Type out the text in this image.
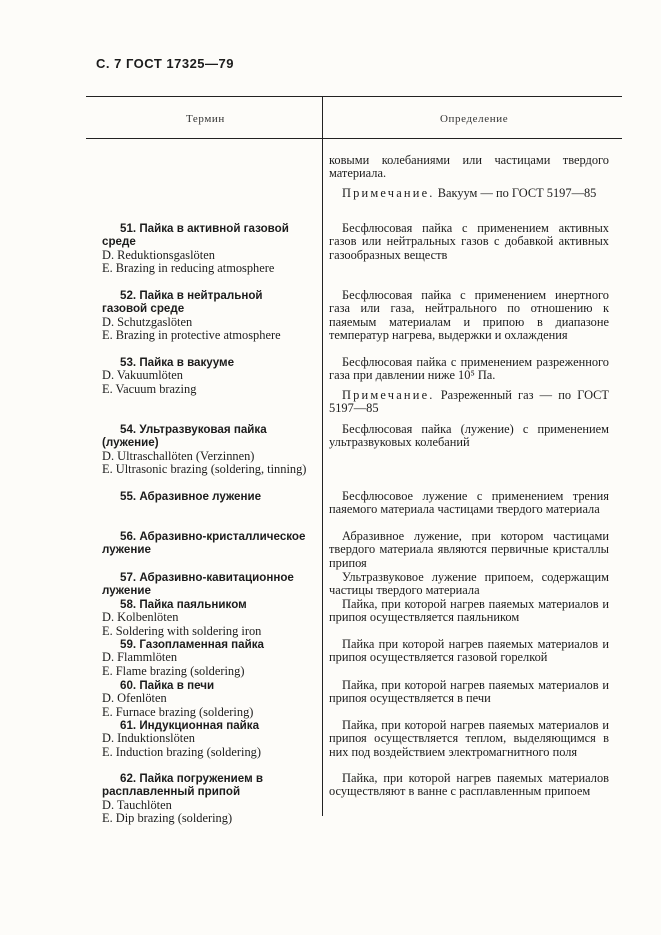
С. 7 ГОСТ 17325—79
Термин	Определение
ковыми колебаниями или частицами твердого материала.
Примечание. Вакуум — по ГОСТ 5197—85
Бесфлюсовая пайка с применением активных газов или нейтральных газов с добавкой активных газообразных веществ
Бесфлюсовая пайка с применением инертного газа или газа, нейтрального по отношению к паяемым материалам и припою в диапазоне температур нагрева, выдержки и охлаждения
Бесфлюсовая пайка с применением разреженного газа при давлении ниже 10⁵ Па.
Примечание. Разреженный газ — по ГОСТ 5197—85
Бесфлюсовая пайка (лужение) с применением ультразвуковых колебаний
Бесфлюсовое лужение с применением трения паяемого материала частицами твердого материала
Абразивное лужение, при котором частицами твердого материала являются первичные кристаллы припоя
Ультразвуковое лужение припоем, содержащим частицы твердого материала
Пайка, при которой нагрев паяемых материалов и припоя осуществляется паяльником
Пайка при которой нагрев паяемых материалов и припоя осуществляется газовой горелкой
Пайка, при которой нагрев паяемых материалов и припоя осуществляется в печи
Пайка, при которой нагрев паяемых материалов и припоя осуществляется теплом, выделяющимся в них под воздействием электромагнитного поля
Пайка, при которой нагрев паяемых материалов осуществляют в ванне с расплавленным припоем
51. Пайка в активной газовой среде
D. Reduktionsgaslöten
E. Brazing in reducing atmosphere
52. Пайка в нейтральной газовой среде
D. Schutzgaslöten
E. Brazing in protective atmosphere
53. Пайка в вакууме
D. Vakuumlöten
E. Vacuum brazing
54. Ультразвуковая пайка (лужение)
D. Ultraschallöten (Verzinnen)
E. Ultrasonic brazing (soldering, tinning)
55. Абразивное лужение
56. Абразивно-кристаллическое лужение
57. Абразивно-кавитационное лужение
58. Пайка паяльником
D. Kolbenlöten
E. Soldering with soldering iron
59. Газопламенная пайка
D. Flammlöten
E. Flame brazing (soldering)
60. Пайка в печи
D. Ofenlöten
E. Furnace brazing (soldering)
61. Индукционная пайка
D. Induktionslöten
E. Induction brazing (soldering)
62. Пайка погружением в расплавленный припой
D. Tauchlöten
E. Dip brazing (soldering)
